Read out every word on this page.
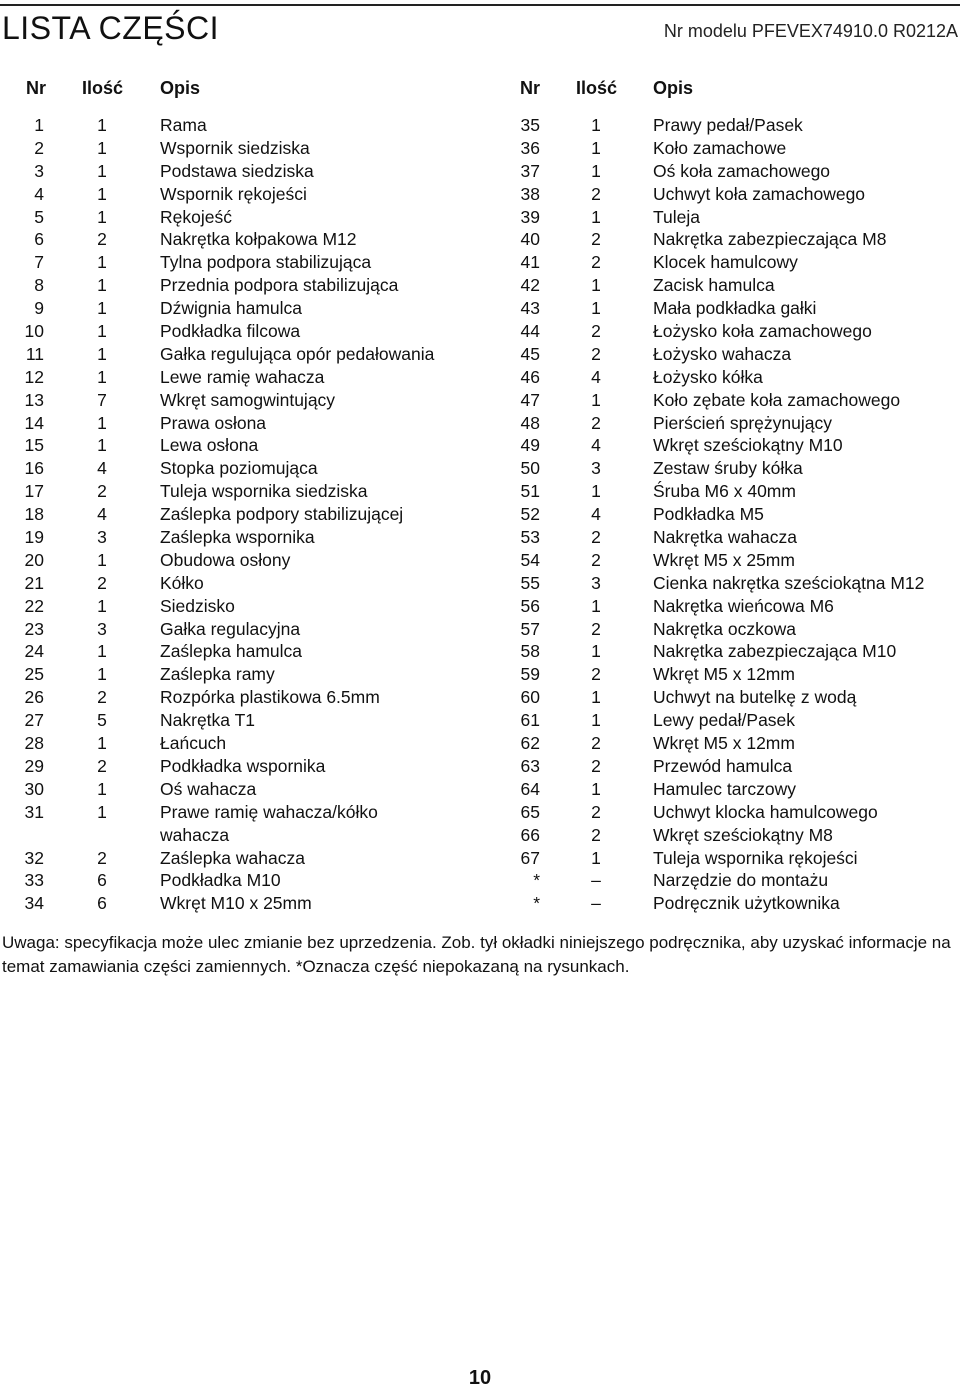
LISTA CZĘŚCI	Nr modelu PFEVEX74910.0 R0212A
Nr Ilość Opis	Nr Ilość Opis
1	1	Rama
2	1	Wspornik siedziska
3	1	Podstawa siedziska
4	1	Wspornik rękojeści
5	1	Rękojeść
6	2	Nakrętka kołpakowa M12
7	1	Tylna podpora stabilizująca
8	1	Przednia podpora stabilizująca
9	1	Dźwignia hamulca
10	1	Podkładka filcowa
11	1	Gałka regulująca opór pedałowania
12	1	Lewe ramię wahacza
13	7	Wkręt samogwintujący
14	1	Prawa osłona
15	1	Lewa osłona
16	4	Stopka poziomująca
17	2	Tuleja wspornika siedziska
18	4	Zaślepka podpory stabilizującej
19	3	Zaślepka wspornika
20	1	Obudowa osłony
21	2	Kółko
22	1	Siedzisko
23	3	Gałka regulacyjna
24	1	Zaślepka hamulca
25	1	Zaślepka ramy
26	2	Rozpórka plastikowa 6.5mm
27	5	Nakrętka T1
28	1	Łańcuch
29	2	Podkładka wspornika
30	1	Oś wahacza
31	1	Prawe ramię wahacza/kółko
wahacza
32	2	Zaślepka wahacza
33	6	Podkładka M10
34	6	Wkręt M10 x 25mm
35	1	Prawy pedał/Pasek
36	1	Koło zamachowe
37	1	Oś koła zamachowego
38	2	Uchwyt koła zamachowego
39	1	Tuleja
40	2	Nakrętka zabezpieczająca M8
41	2	Klocek hamulcowy
42	1	Zacisk hamulca
43	1	Mała podkładka gałki
44	2	Łożysko koła zamachowego
45	2	Łożysko wahacza
46	4	Łożysko kółka
47	1	Koło zębate koła zamachowego
48	2	Pierścień sprężynujący
49	4	Wkręt sześciokątny M10
50	3	Zestaw śruby kółka
51	1	Śruba M6 x 40mm
52	4	Podkładka M5
53	2	Nakrętka wahacza
54	2	Wkręt M5 x 25mm
55	3	Cienka nakrętka sześciokątna M12
56	1	Nakrętka wieńcowa M6
57	2	Nakrętka oczkowa
58	1	Nakrętka zabezpieczająca M10
59	2	Wkręt M5 x 12mm
60	1	Uchwyt na butelkę z wodą
61	1	Lewy pedał/Pasek
62	2	Wkręt M5 x 12mm
63	2	Przewód hamulca
64	1	Hamulec tarczowy
65	2	Uchwyt klocka hamulcowego
66	2	Wkręt sześciokątny M8
67	1	Tuleja wspornika rękojeści
*	–	Narzędzie do montażu
*	–	Podręcznik użytkownika
Uwaga: specyfikacja może ulec zmianie bez uprzedzenia. Zob. tył okładki niniejszego podręcznika, aby uzyskać informacje na temat zamawiania części zamiennych. *Oznacza część niepokazaną na rysunkach.
10
